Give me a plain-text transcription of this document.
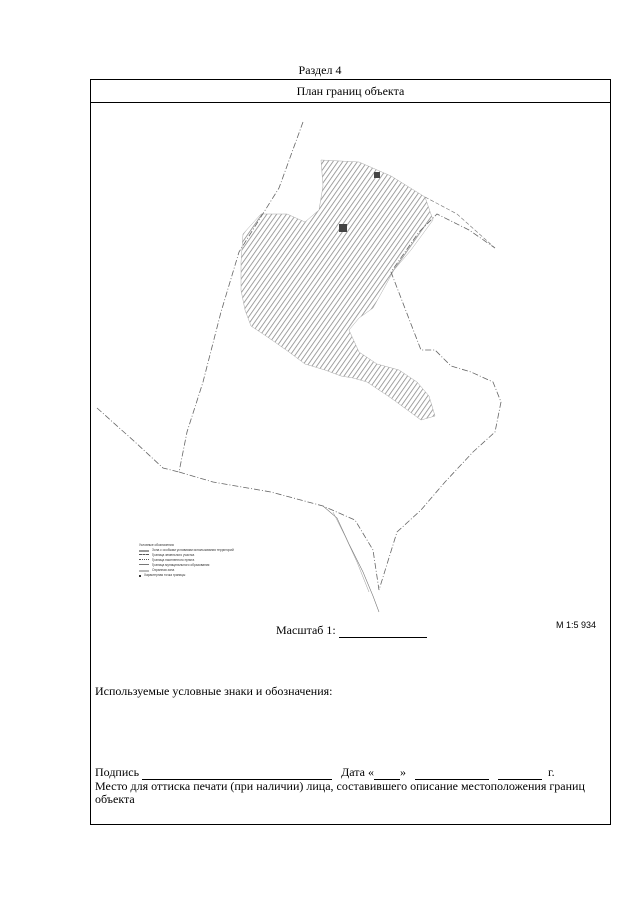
Раздел 4
План границ объекта
Условные обозначения:
Зона с особыми условиями использования территорий
Граница земельного участка
Граница населенного пункта
Граница муниципального образования
Охранная зона
Характерная точка границы
М 1:5 934
Масштаб 1:
Используемые условные знаки и обозначения:
Подпись	Дата « »	г.
Место для оттиска печати (при наличии) лица, составившего описание местоположения границ объекта
